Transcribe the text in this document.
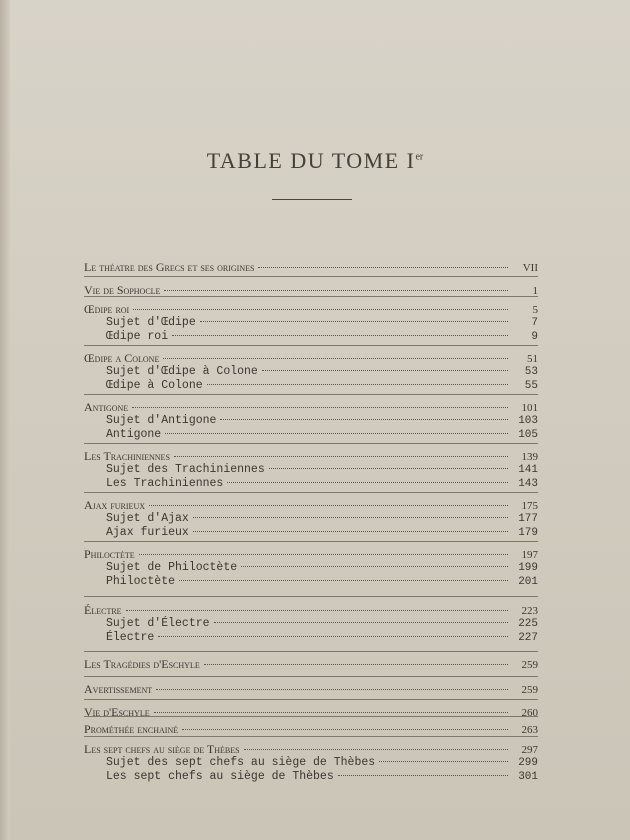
TABLE DU TOME Ier
Le théatre des Grecs et ses origines	VII
Vie de Sophocle	1
Œdipe roi	5
Sujet d'Œdipe	7
Œdipe roi	9
Œdipe a Colone	51
Sujet d'Œdipe à Colone	53
Œdipe à Colone	55
Antigone	101
Sujet d'Antigone	103
Antigone	105
Les Trachiniennes	139
Sujet des Trachiniennes	141
Les Trachiniennes	143
Ajax furieux	175
Sujet d'Ajax	177
Ajax furieux	179
Philoctète	197
Sujet de Philoctète	199
Philoctète	201
Électre	223
Sujet d'Électre	225
Électre	227
Les Tragédies d'Eschyle	259
Avertissement	259
Vie d'Eschyle	260
Prométhée enchainé	263
Les sept chefs au siège de Thèbes	297
Sujet des sept chefs au siège de Thèbes	299
Les sept chefs au siège de Thèbes	301
